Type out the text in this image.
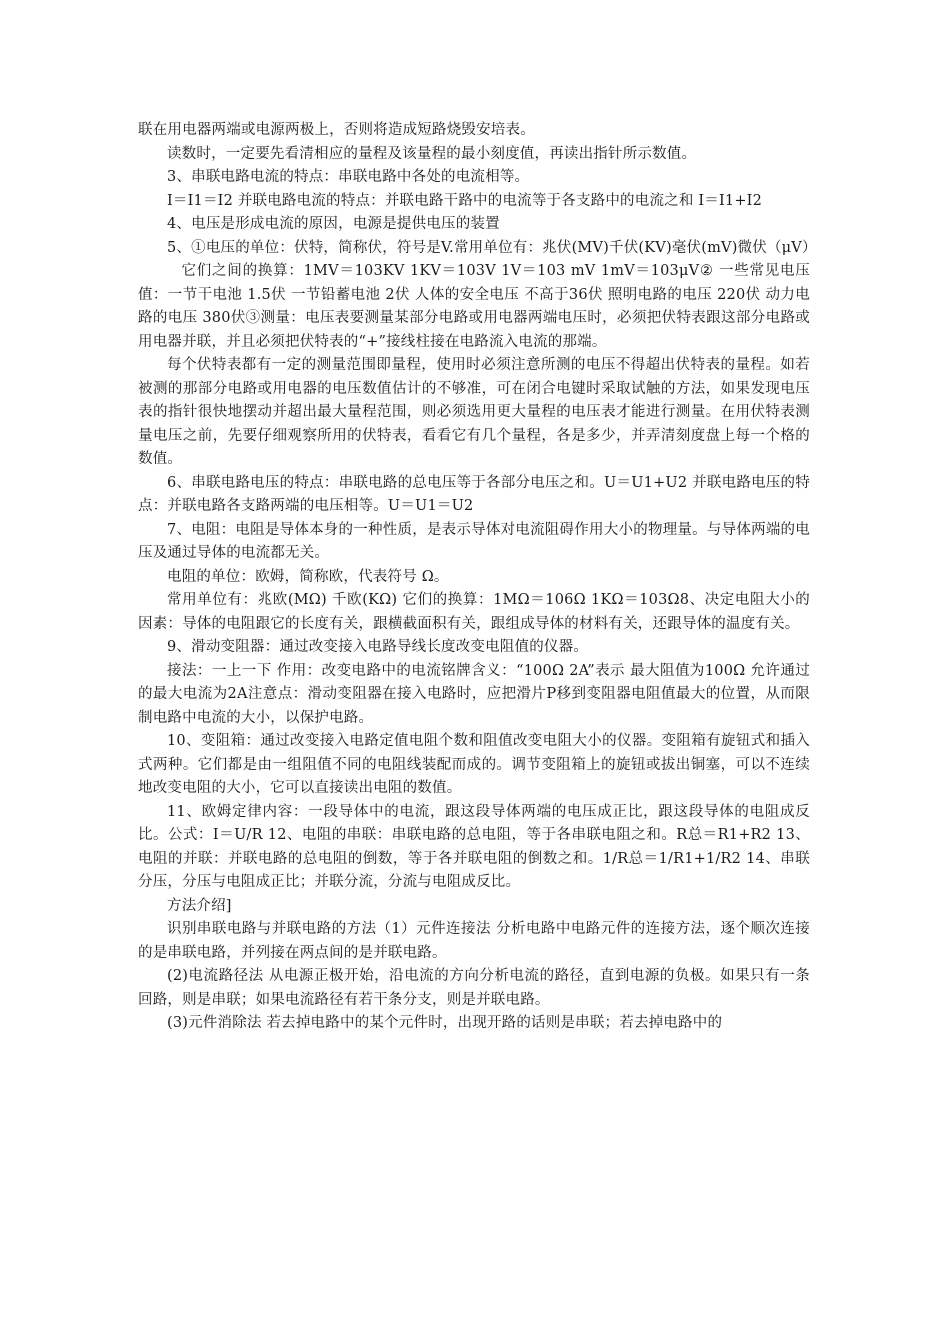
联在用电器两端或电源两极上，否则将造成短路烧毁安培表。

读数时，一定要先看清相应的量程及该量程的最小刻度值，再读出指针所示数值。

3、串联电路电流的特点：串联电路中各处的电流相等。

I＝I1＝I2 并联电路电流的特点：并联电路干路中的电流等于各支路中的电流之和 I＝I1+I2

4、电压是形成电流的原因，电源是提供电压的装置

5、①电压的单位：伏特，简称伏，符号是V.常用单位有：兆伏(MV)千伏(KV)毫伏(mV)微伏（μV）

它们之间的换算：1MV＝103KV 1KV＝103V 1V＝103 mV 1mV＝103μV② 一些常见电压值：一节干电池 1.5伏 一节铅蓄电池 2伏 人体的安全电压 不高于36伏 照明电路的电压 220伏 动力电路的电压 380伏③测量：电压表要测量某部分电路或用电器两端电压时，必须把伏特表跟这部分电路或用电器并联，并且必须把伏特表的“+”接线柱接在电路流入电流的那端。

每个伏特表都有一定的测量范围即量程，使用时必须注意所测的电压不得超出伏特表的量程。如若被测的那部分电路或用电器的电压数值估计的不够准，可在闭合电键时采取试触的方法，如果发现电压表的指针很快地摆动并超出最大量程范围，则必须选用更大量程的电压表才能进行测量。在用伏特表测量电压之前，先要仔细观察所用的伏特表，看看它有几个量程，各是多少，并弄清刻度盘上每一个格的数值。

6、串联电路电压的特点：串联电路的总电压等于各部分电压之和。U＝U1+U2 并联电路电压的特点：并联电路各支路两端的电压相等。U＝U1＝U2

7、电阻：电阻是导体本身的一种性质，是表示导体对电流阻碍作用大小的物理量。与导体两端的电压及通过导体的电流都无关。

电阻的单位：欧姆，简称欧，代表符号 Ω。

常用单位有：兆欧(MΩ) 千欧(KΩ) 它们的换算：1MΩ＝106Ω 1KΩ＝103Ω8、决定电阻大小的因素：导体的电阻跟它的长度有关，跟横截面积有关，跟组成导体的材料有关，还跟导体的温度有关。

9、滑动变阻器：通过改变接入电路导线长度改变电阻值的仪器。

接法：一上一下 作用：改变电路中的电流铭牌含义：“100Ω 2A”表示 最大阻值为100Ω 允许通过的最大电流为2A注意点：滑动变阻器在接入电路时，应把滑片P移到变阻器电阻值最大的位置，从而限制电路中电流的大小，以保护电路。

10、变阻箱：通过改变接入电路定值电阻个数和阻值改变电阻大小的仪器。变阻箱有旋钮式和插入式两种。它们都是由一组阻值不同的电阻线装配而成的。调节变阻箱上的旋钮或拔出铜塞，可以不连续地改变电阻的大小，它可以直接读出电阻的数值。

11、欧姆定律内容：一段导体中的电流，跟这段导体两端的电压成正比，跟这段导体的电阻成反比。公式：I＝U/R 12、电阻的串联：串联电路的总电阻，等于各串联电阻之和。R总＝R1+R2 13、电阻的并联：并联电路的总电阻的倒数，等于各并联电阻的倒数之和。1/R总＝1/R1+1/R2 14、串联分压，分压与电阻成正比；并联分流，分流与电阻成反比。

方法介绍]

识别串联电路与并联电路的方法（1）元件连接法 分析电路中电路元件的连接方法，逐个顺次连接的是串联电路，并列接在两点间的是并联电路。

(2)电流路径法 从电源正极开始，沿电流的方向分析电流的路径，直到电源的负极。如果只有一条回路，则是串联；如果电流路径有若干条分支，则是并联电路。

(3)元件消除法 若去掉电路中的某个元件时，出现开路的话则是串联；若去掉电路中的
